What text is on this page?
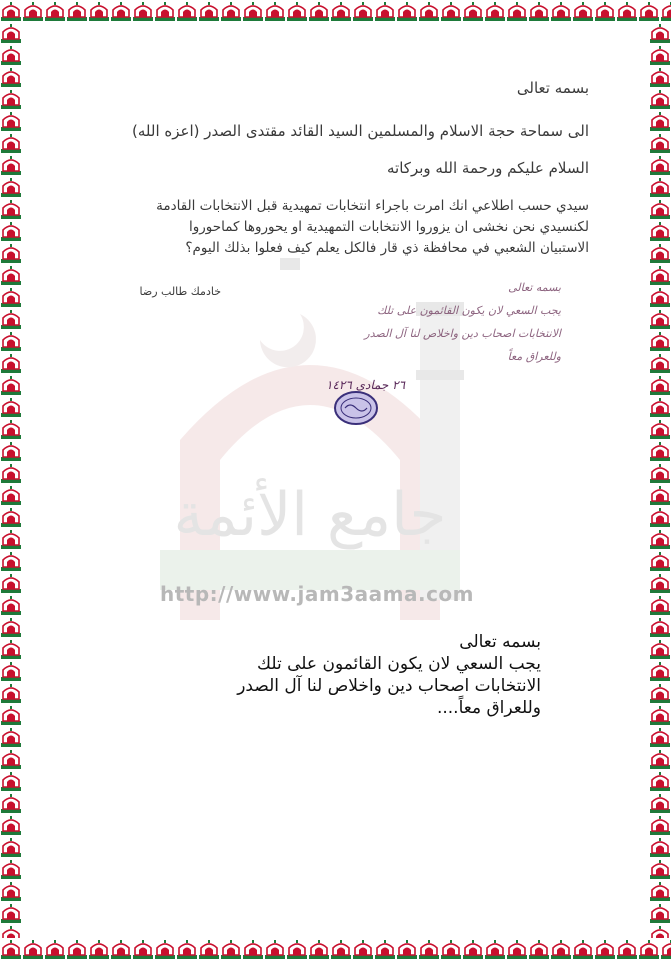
جامع الأئمة
http://www.jam3aama.com
بسمه تعالى
الى سماحة حجة الاسلام والمسلمين السيد القائد مقتدى الصدر (اعزه الله)
السلام عليكم ورحمة الله وبركاته
سيدي حسب اطلاعي انك امرت باجراء انتخابات تمهيدية قبل الانتخابات القادمة
لكنسيدي نحن نخشى ان يزوروا الانتخابات التمهيدية او يحوروها كماحوروا
الاستبيان الشعبي في محافظة ذي قار فالكل يعلم كيف فعلوا بذلك اليوم؟
خادمك طالب رضا	بسمه تعالى
يجب السعي لان يكون القائمون على تلك
الانتخابات اصحاب دين واخلاص لنا آل الصدر
وللعراق معاً
٢٦ جمادى ١٤٢٦
بسمه تعالى
يجب السعي لان يكون القائمون على تلك
الانتخابات اصحاب دين واخلاص لنا آل الصدر
وللعراق معاً....
